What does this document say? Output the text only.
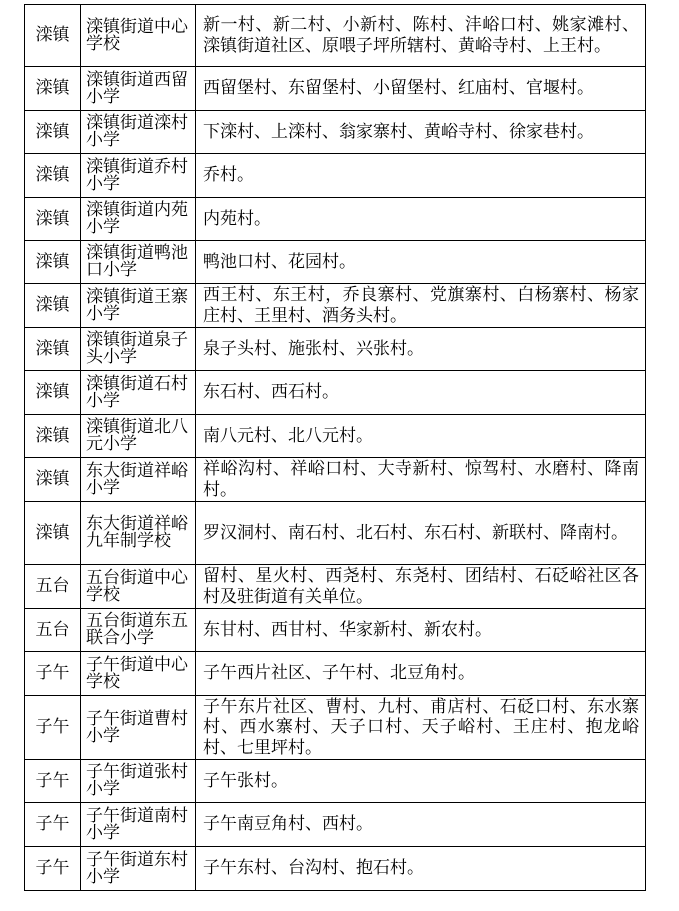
滦镇	滦镇街道中心学校	新一村、新二村、小新村、陈村、沣峪口村、姚家滩村、滦镇街道社区、原喂子坪所辖村、黄峪寺村、上王村。
滦镇	滦镇街道西留小学	西留堡村、东留堡村、小留堡村、红庙村、官堰村。
滦镇	滦镇街道滦村小学	下滦村、上滦村、翁家寨村、黄峪寺村、徐家巷村。
滦镇	滦镇街道乔村小学	乔村。
滦镇	滦镇街道内苑小学	内苑村。
滦镇	滦镇街道鸭池口小学	鸭池口村、花园村。
滦镇	滦镇街道王寨小学	西王村、东王村，乔良寨村、党旗寨村、白杨寨村、杨家庄村、王里村、酒务头村。
滦镇	滦镇街道泉子头小学	泉子头村、施张村、兴张村。
滦镇	滦镇街道石村小学	东石村、西石村。
滦镇	滦镇街道北八元小学	南八元村、北八元村。
滦镇	东大街道祥峪小学	祥峪沟村、祥峪口村、大寺新村、惊驾村、水磨村、降南村。
滦镇	东大街道祥峪九年制学校	罗汉洞村、南石村、北石村、东石村、新联村、降南村。
五台	五台街道中心学校	留村、星火村、西尧村、东尧村、团结村、石砭峪社区各村及驻街道有关单位。
五台	五台街道东五联合小学	东甘村、西甘村、华家新村、新农村。
子午	子午街道中心学校	子午西片社区、子午村、北豆角村。
子午	子午街道曹村小学	子午东片社区、曹村、九村、甫店村、石砭口村、东水寨村、西水寨村、天子口村、天子峪村、王庄村、抱龙峪村、七里坪村。
子午	子午街道张村小学	子午张村。
子午	子午街道南村小学	子午南豆角村、西村。
子午	子午街道东村小学	子午东村、台沟村、抱石村。
